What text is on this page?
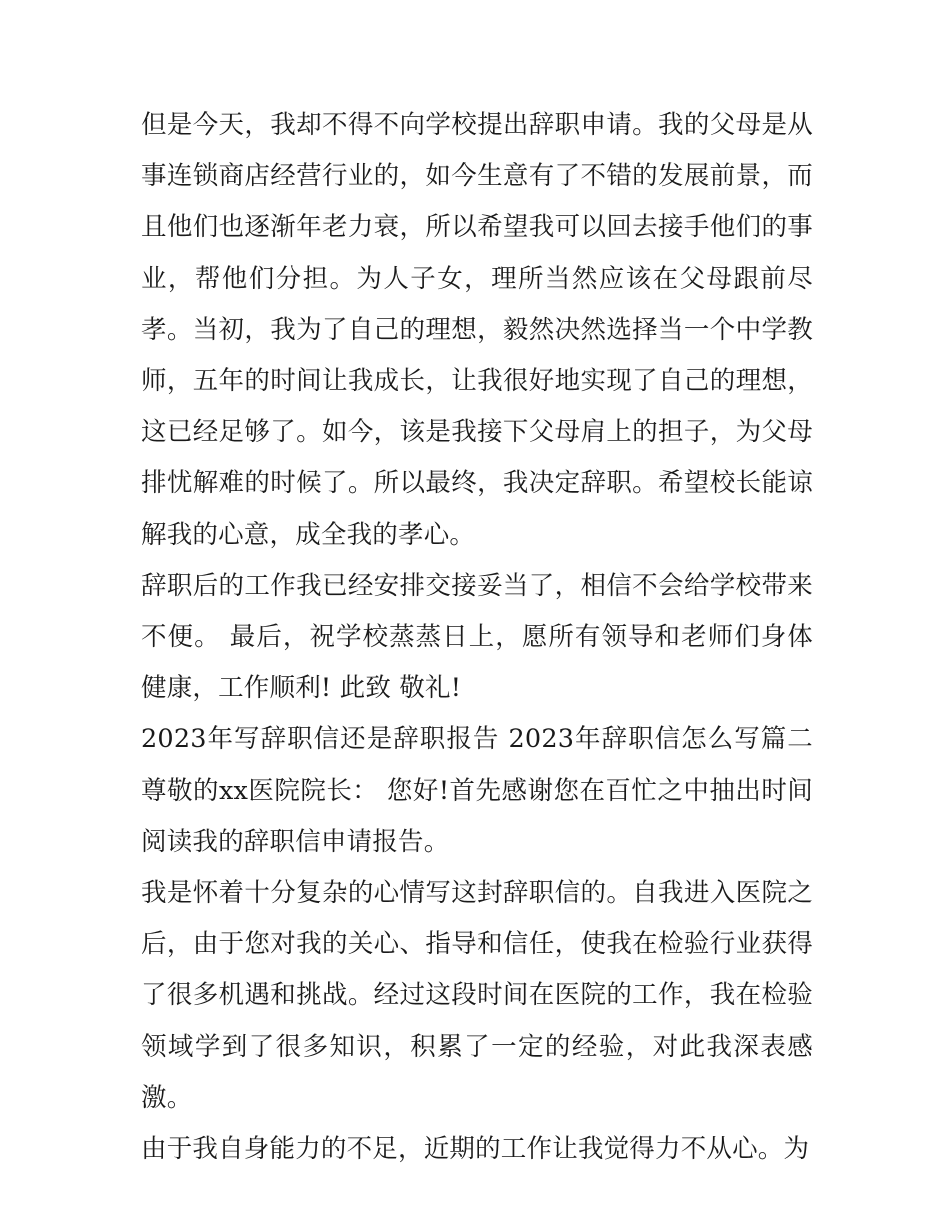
但是今天，我却不得不向学校提出辞职申请。我的父母是从事连锁商店经营行业的，如今生意有了不错的发展前景，而且他们也逐渐年老力衰，所以希望我可以回去接手他们的事业，帮他们分担。为人子女，理所当然应该在父母跟前尽孝。当初，我为了自己的理想，毅然决然选择当一个中学教师，五年的时间让我成长，让我很好地实现了自己的理想，这已经足够了。如今，该是我接下父母肩上的担子，为父母排忧解难的时候了。所以最终，我决定辞职。希望校长能谅解我的心意，成全我的孝心。

辞职后的工作我已经安排交接妥当了，相信不会给学校带来不便。 最后，祝学校蒸蒸日上，愿所有领导和老师们身体健康，工作顺利! 此致 敬礼!

2023年写辞职信还是辞职报告 2023年辞职信怎么写篇二 尊敬的xx医院院长： 您好!首先感谢您在百忙之中抽出时间阅读我的辞职信申请报告。

我是怀着十分复杂的心情写这封辞职信的。自我进入医院之后，由于您对我的关心、指导和信任，使我在检验行业获得了很多机遇和挑战。经过这段时间在医院的工作，我在检验领域学到了很多知识，积累了一定的经验，对此我深表感激。

由于我自身能力的不足，近期的工作让我觉得力不从心。为
